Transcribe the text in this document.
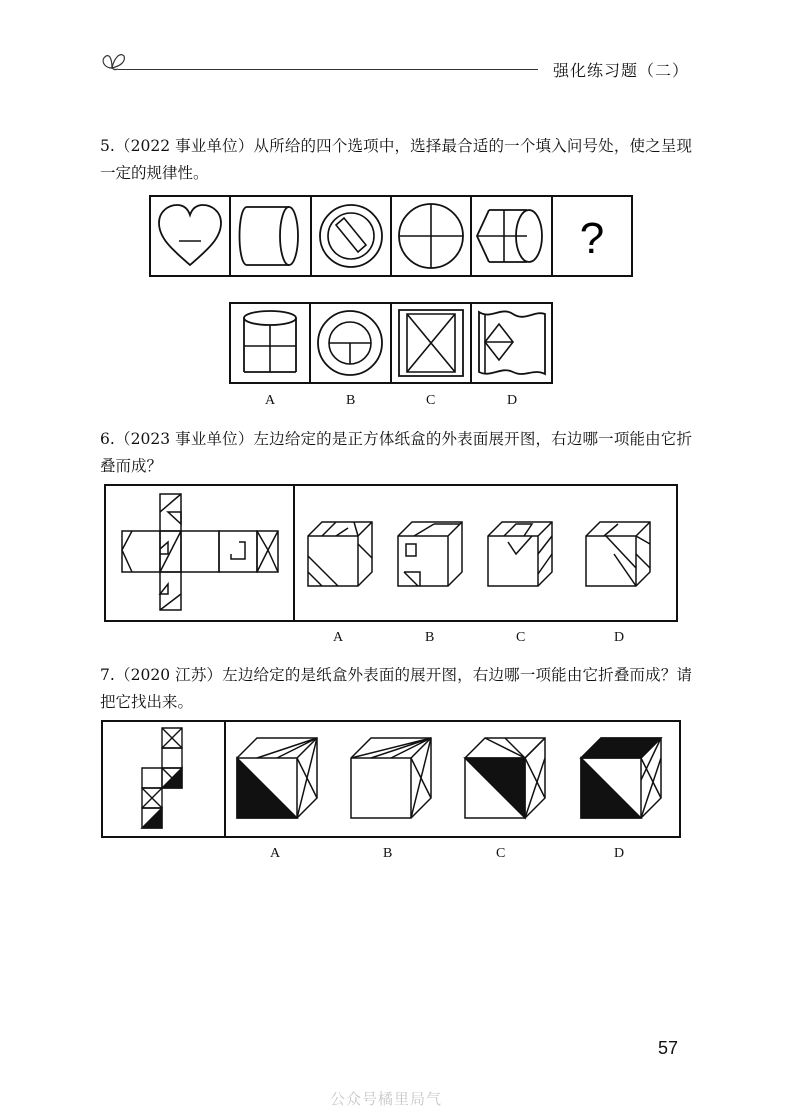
强化练习题（二）
5.（2022 事业单位）从所给的四个选项中，选择最合适的一个填入问号处，使之呈现一定的规律性。
?
A	B	C	D
6.（2023 事业单位）左边给定的是正方体纸盒的外表面展开图，右边哪一项能由它折叠而成？
A	B	C	D
7.（2020 江苏）左边给定的是纸盒外表面的展开图，右边哪一项能由它折叠而成？请把它找出来。
A	B	C	D
57
公众号橘里局气
